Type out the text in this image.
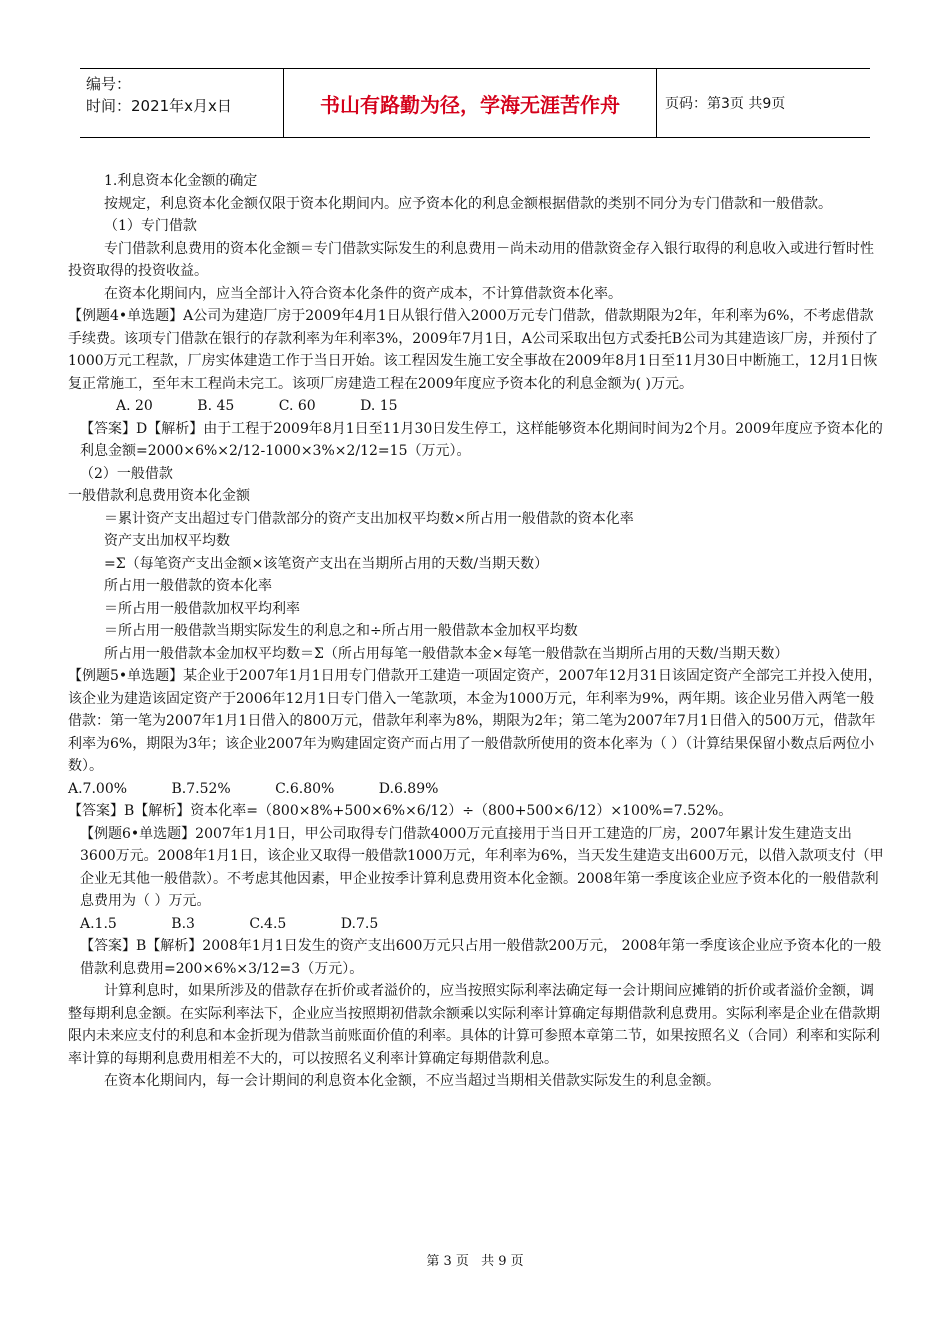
编号：
时间：2021年x月x日	书山有路勤为径，学海无涯苦作舟	页码：第3页 共9页

1.利息资本化金额的确定

按规定，利息资本化金额仅限于资本化期间内。应予资本化的利息金额根据借款的类别不同分为专门借款和一般借款。

（1）专门借款

专门借款利息费用的资本化金额＝专门借款实际发生的利息费用－尚未动用的借款资金存入银行取得的利息收入或进行暂时性投资取得的投资收益。

在资本化期间内，应当全部计入符合资本化条件的资产成本，不计算借款资本化率。

【例题4•单选题】A公司为建造厂房于2009年4月1日从银行借入2000万元专门借款，借款期限为2年，年利率为6%，不考虑借款手续费。该项专门借款在银行的存款利率为年利率3%，2009年7月1日，A公司采取出包方式委托B公司为其建造该厂房，并预付了1000万元工程款，厂房实体建造工作于当日开始。该工程因发生施工安全事故在2009年8月1日至11月30日中断施工，12月1日恢复正常施工，至年末工程尚未完工。该项厂房建造工程在2009年度应予资本化的利息金额为( )万元。

A. 20	B. 45	C. 60	D. 15

【答案】D【解析】由于工程于2009年8月1日至11月30日发生停工，这样能够资本化期间时间为2个月。2009年度应予资本化的利息金额=2000×6%×2/12-1000×3%×2/12=15（万元）。

（2）一般借款

一般借款利息费用资本化金额

＝累计资产支出超过专门借款部分的资产支出加权平均数×所占用一般借款的资本化率

资产支出加权平均数

=Σ（每笔资产支出金额×该笔资产支出在当期所占用的天数/当期天数）

所占用一般借款的资本化率

＝所占用一般借款加权平均利率

＝所占用一般借款当期实际发生的利息之和÷所占用一般借款本金加权平均数

所占用一般借款本金加权平均数＝Σ（所占用每笔一般借款本金×每笔一般借款在当期所占用的天数/当期天数）

【例题5•单选题】某企业于2007年1月1日用专门借款开工建造一项固定资产，2007年12月31日该固定资产全部完工并投入使用，该企业为建造该固定资产于2006年12月1日专门借入一笔款项，本金为1000万元，年利率为9%，两年期。该企业另借入两笔一般借款：第一笔为2007年1月1日借入的800万元，借款年利率为8%，期限为2年；第二笔为2007年7月1日借入的500万元，借款年利率为6%，期限为3年；该企业2007年为购建固定资产而占用了一般借款所使用的资本化率为（ ）（计算结果保留小数点后两位小数）。

A.7.00%	B.7.52%	C.6.80%	D.6.89%

【答案】B【解析】资本化率=（800×8%+500×6%×6/12）÷（800+500×6/12）×100%=7.52%。

【例题6•单选题】2007年1月1日，甲公司取得专门借款4000万元直接用于当日开工建造的厂房，2007年累计发生建造支出3600万元。2008年1月1日，该企业又取得一般借款1000万元，年利率为6%，当天发生建造支出600万元，以借入款项支付（甲企业无其他一般借款）。不考虑其他因素，甲企业按季计算利息费用资本化金额。2008年第一季度该企业应予资本化的一般借款利息费用为（ ）万元。

A.1.5	B.3	C.4.5	D.7.5

【答案】B【解析】2008年1月1日发生的资产支出600万元只占用一般借款200万元， 2008年第一季度该企业应予资本化的一般借款利息费用=200×6%×3/12=3（万元）。

计算利息时，如果所涉及的借款存在折价或者溢价的，应当按照实际利率法确定每一会计期间应摊销的折价或者溢价金额，调整每期利息金额。在实际利率法下，企业应当按照期初借款余额乘以实际利率计算确定每期借款利息费用。实际利率是企业在借款期限内未来应支付的利息和本金折现为借款当前账面价值的利率。具体的计算可参照本章第二节，如果按照名义（合同）利率和实际利率计算的每期利息费用相差不大的，可以按照名义利率计算确定每期借款利息。

在资本化期间内，每一会计期间的利息资本化金额，不应当超过当期相关借款实际发生的利息金额。

第 3 页 共 9 页
